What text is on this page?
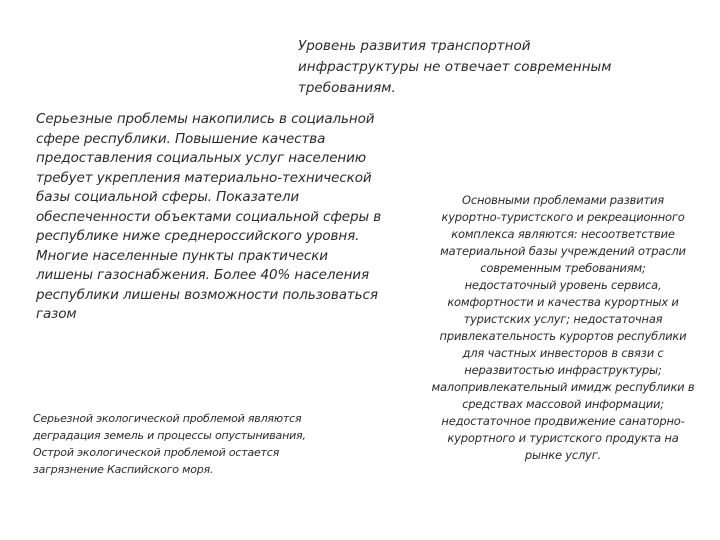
Уровень развития транспортной
инфраструктуры не отвечает современным
требованиям.

Серьезные проблемы накопились в социальной
сфере республики. Повышение качества
предоставления социальных услуг населению
требует укрепления материально-технической
базы социальной сферы. Показатели
обеспеченности объектами социальной сферы в
республике ниже среднероссийского уровня.
Многие населенные пункты практически
лишены газоснабжения. Более 40% населения
республики лишены возможности пользоваться
газом

Серьезной экологической проблемой являются
деградация земель и процессы опустынивания,
Острой экологической проблемой остается
загрязнение Каспийского моря.

Основными проблемами развития
курортно-туристского и рекреационного
комплекса являются: несоответствие
материальной базы учреждений отрасли
современным требованиям;
недостаточный уровень сервиса,
комфортности и качества курортных и
туристских услуг; недостаточная
привлекательность курортов республики
для частных инвесторов в связи с
неразвитостью инфраструктуры;
малопривлекательный имидж республики в
средствах массовой информации;
недостаточное продвижение санаторно-
курортного и туристского продукта на
рынке услуг.
